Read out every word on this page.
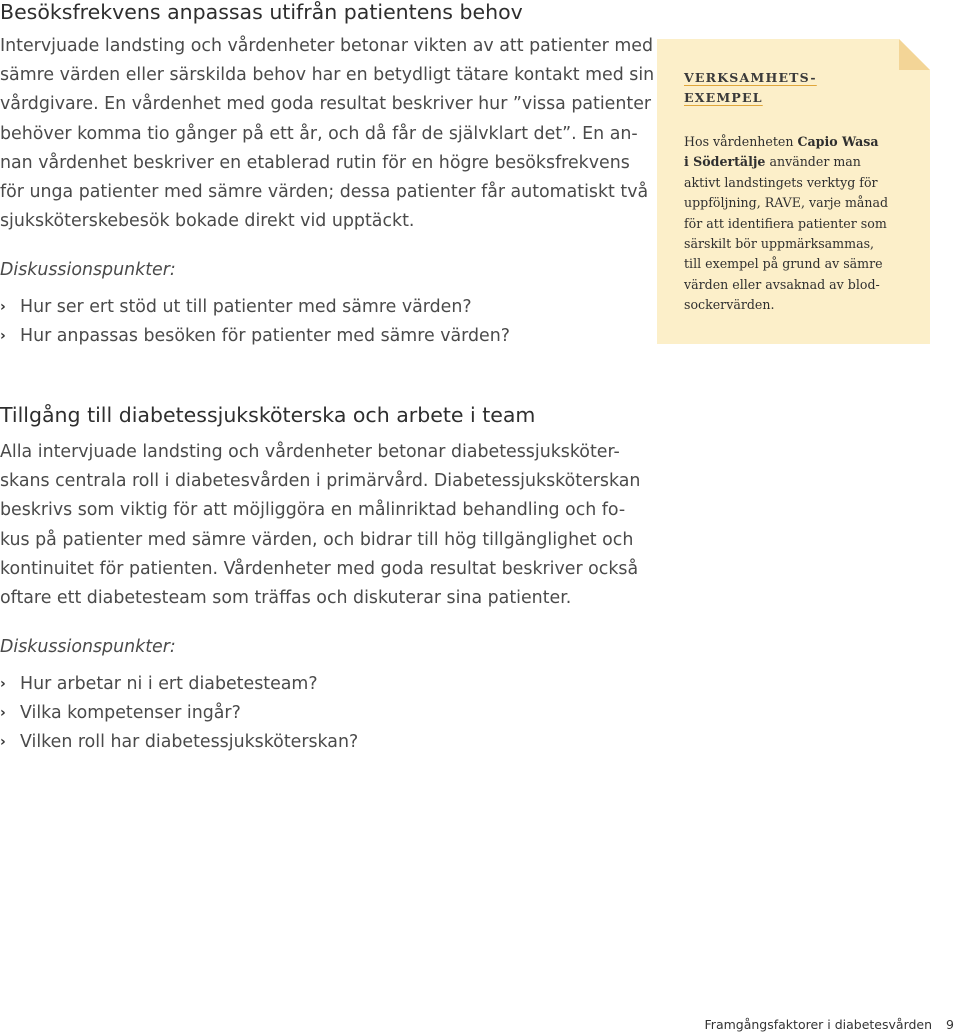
Besöksfrekvens anpassas utifrån patientens behov
Intervjuade landsting och vårdenheter betonar vikten av att patienter med
sämre värden eller särskilda behov har en betydligt tätare kontakt med sin
vårdgivare. En vårdenhet med goda resultat beskriver hur ”vissa patienter
behöver komma tio gånger på ett år, och då får de självklart det”. En an-
nan vårdenhet beskriver en etablerad rutin för en högre besöksfrekvens
för unga patienter med sämre värden; dessa patienter får automatiskt två
sjuksköterskebesök bokade direkt vid upptäckt.
Diskussionspunkter:
› Hur ser ert stöd ut till patienter med sämre värden?
› Hur anpassas besöken för patienter med sämre värden?
VERKSAMHETS-
EXEMPEL
Hos vårdenheten Capio Wasa
i Södertälje använder man
aktivt landstingets verktyg för
uppföljning, RAVE, varje månad
för att identifiera patienter som
särskilt bör uppmärksammas,
till exempel på grund av sämre
värden eller avsaknad av blod-
sockervärden.
Tillgång till diabetessjuksköterska och arbete i team
Alla intervjuade landsting och vårdenheter betonar diabetessjuksköter-
skans centrala roll i diabetesvården i primärvård. Diabetessjuksköterskan
beskrivs som viktig för att möjliggöra en målinriktad behandling och fo-
kus på patienter med sämre värden, och bidrar till hög tillgänglighet och
kontinuitet för patienten. Vårdenheter med goda resultat beskriver också
oftare ett diabetesteam som träffas och diskuterar sina patienter.
Diskussionspunkter:
› Hur arbetar ni i ert diabetesteam?
› Vilka kompetenser ingår?
› Vilken roll har diabetessjuksköterskan?
Framgångsfaktorer i diabetesvården 9
